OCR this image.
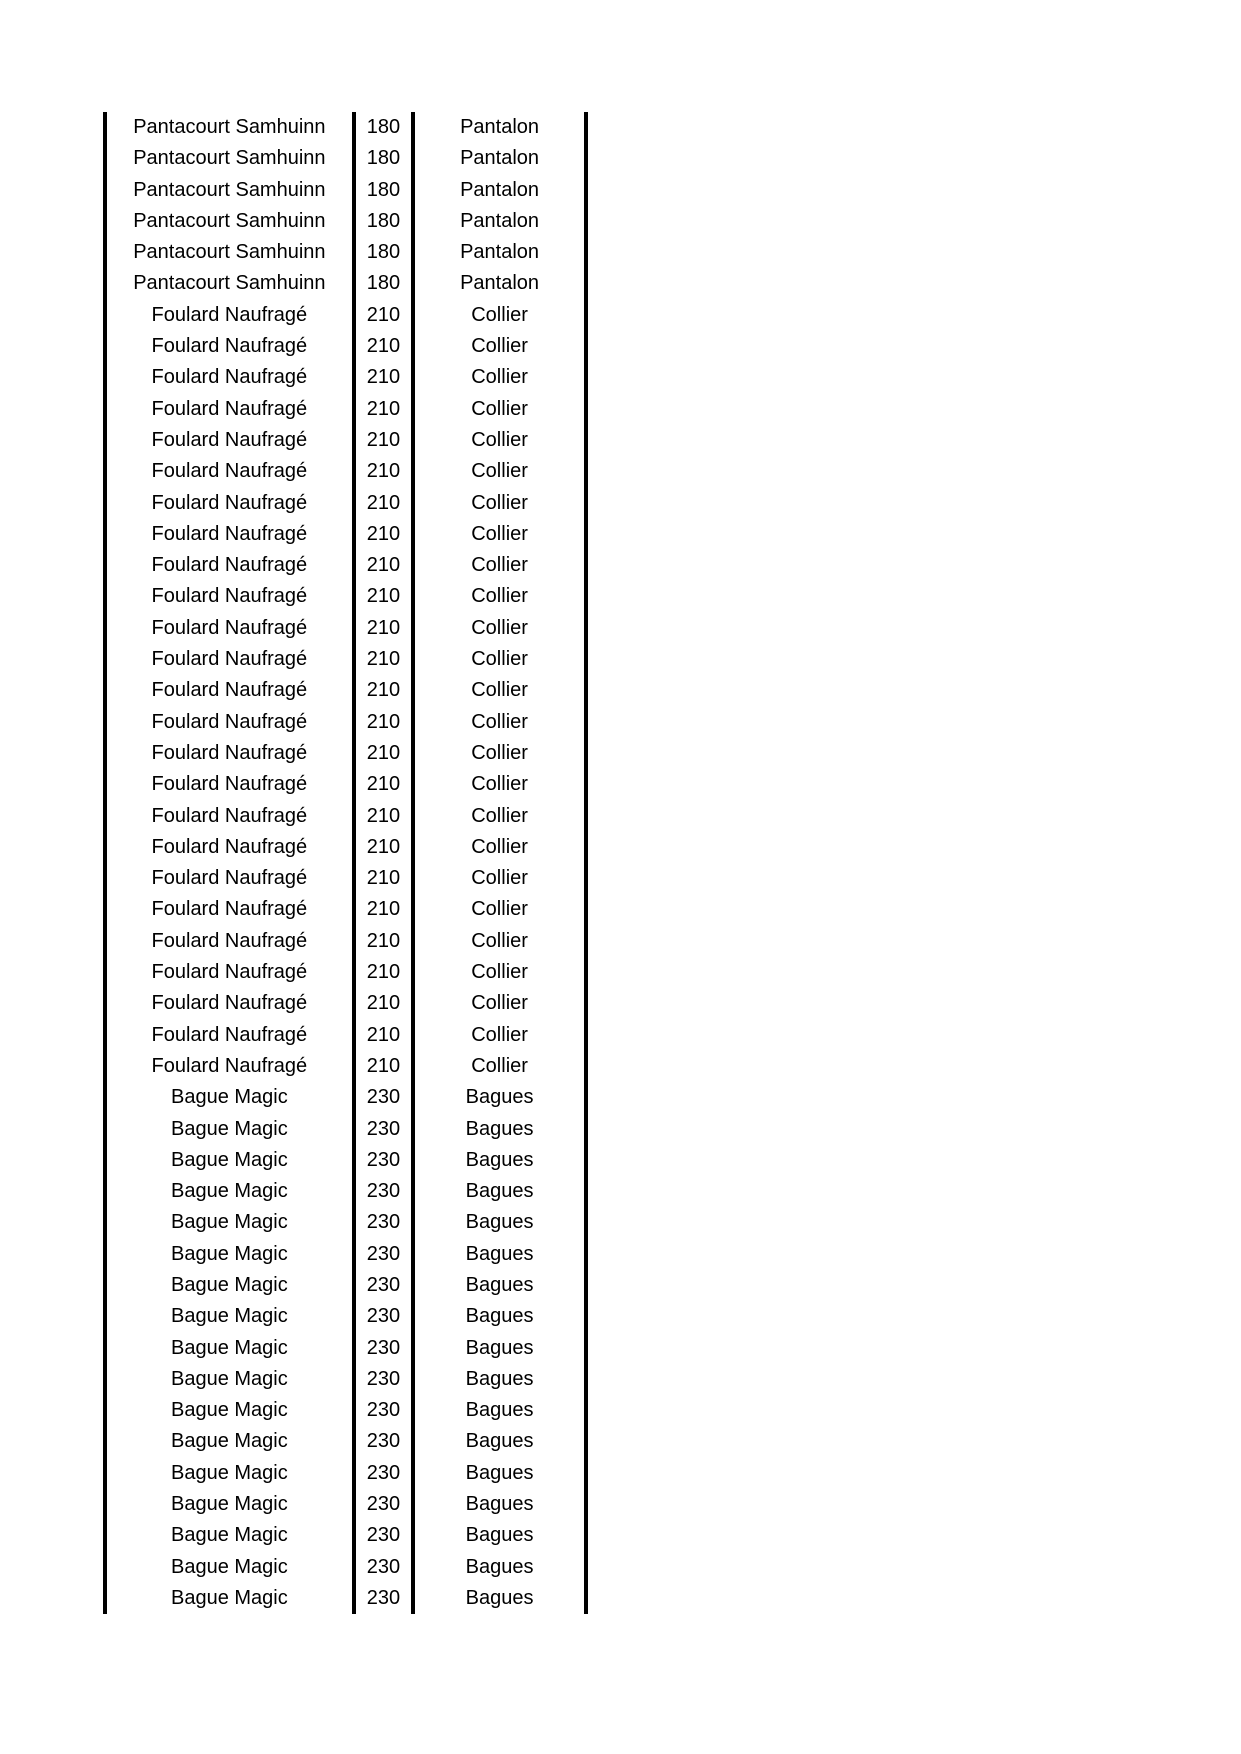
Pantacourt Samhuinn	180	Pantalon
Pantacourt Samhuinn	180	Pantalon
Pantacourt Samhuinn	180	Pantalon
Pantacourt Samhuinn	180	Pantalon
Pantacourt Samhuinn	180	Pantalon
Pantacourt Samhuinn	180	Pantalon
Foulard Naufragé	210	Collier
Foulard Naufragé	210	Collier
Foulard Naufragé	210	Collier
Foulard Naufragé	210	Collier
Foulard Naufragé	210	Collier
Foulard Naufragé	210	Collier
Foulard Naufragé	210	Collier
Foulard Naufragé	210	Collier
Foulard Naufragé	210	Collier
Foulard Naufragé	210	Collier
Foulard Naufragé	210	Collier
Foulard Naufragé	210	Collier
Foulard Naufragé	210	Collier
Foulard Naufragé	210	Collier
Foulard Naufragé	210	Collier
Foulard Naufragé	210	Collier
Foulard Naufragé	210	Collier
Foulard Naufragé	210	Collier
Foulard Naufragé	210	Collier
Foulard Naufragé	210	Collier
Foulard Naufragé	210	Collier
Foulard Naufragé	210	Collier
Foulard Naufragé	210	Collier
Foulard Naufragé	210	Collier
Foulard Naufragé	210	Collier
Bague Magic	230	Bagues
Bague Magic	230	Bagues
Bague Magic	230	Bagues
Bague Magic	230	Bagues
Bague Magic	230	Bagues
Bague Magic	230	Bagues
Bague Magic	230	Bagues
Bague Magic	230	Bagues
Bague Magic	230	Bagues
Bague Magic	230	Bagues
Bague Magic	230	Bagues
Bague Magic	230	Bagues
Bague Magic	230	Bagues
Bague Magic	230	Bagues
Bague Magic	230	Bagues
Bague Magic	230	Bagues
Bague Magic	230	Bagues
